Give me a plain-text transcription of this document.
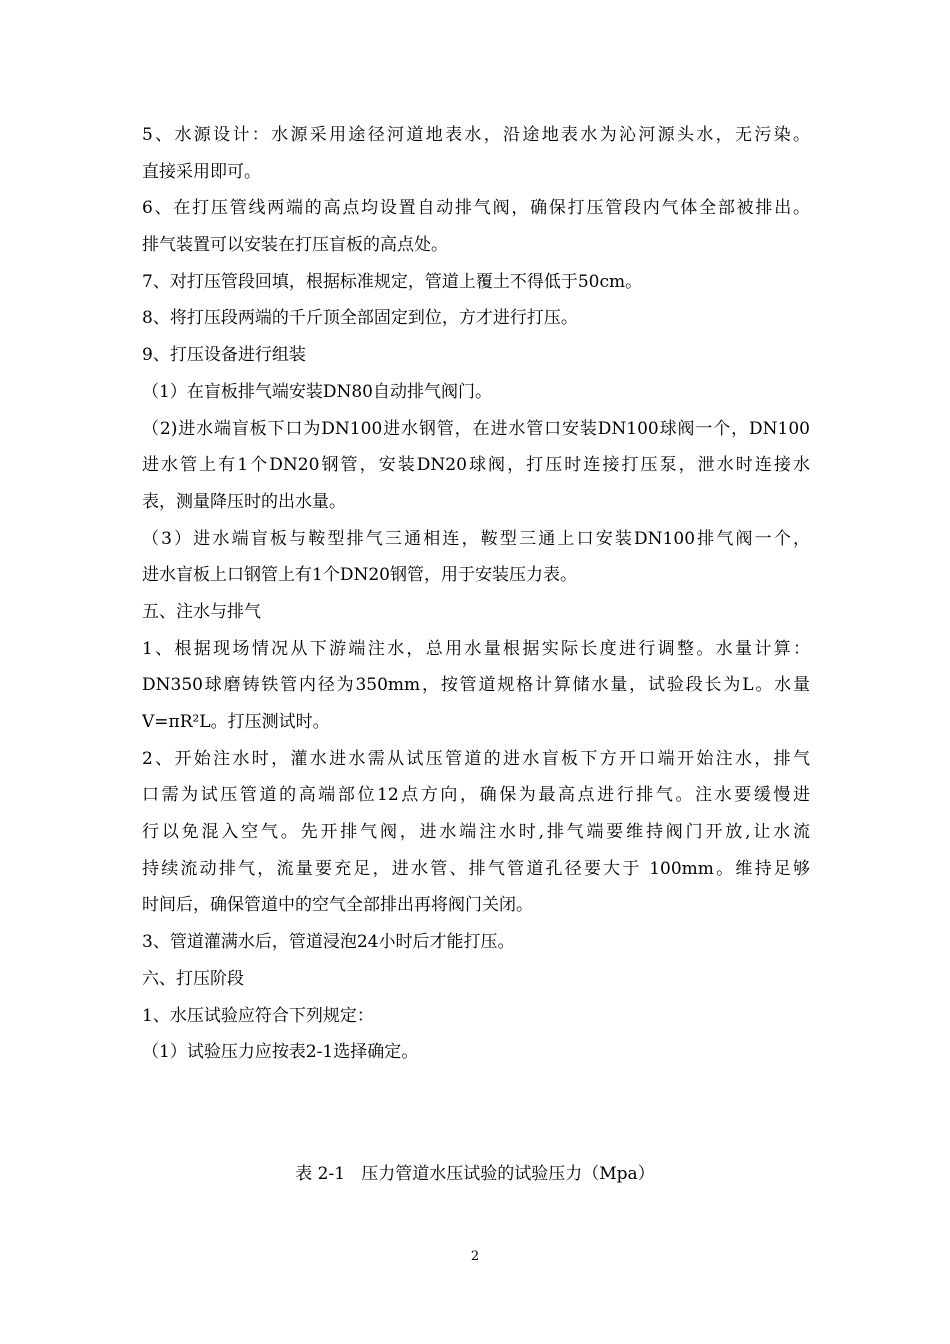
5、水源设计：水源采用途径河道地表水，沿途地表水为沁河源头水，无污染。
直接采用即可。
6、在打压管线两端的高点均设置自动排气阀，确保打压管段内气体全部被排出。
排气装置可以安装在打压盲板的高点处。
7、对打压管段回填，根据标准规定，管道上覆土不得低于50cm。
8、将打压段两端的千斤顶全部固定到位，方才进行打压。
9、打压设备进行组装
（1）在盲板排气端安装DN80自动排气阀门。
（2)进水端盲板下口为DN100进水钢管，在进水管口安装DN100球阀一个，DN100
进水管上有1个DN20钢管，安装DN20球阀，打压时连接打压泵，泄水时连接水
表，测量降压时的出水量。
（3）进水端盲板与鞍型排气三通相连，鞍型三通上口安装DN100排气阀一个，
进水盲板上口钢管上有1个DN20钢管，用于安装压力表。
五、注水与排气
1、根据现场情况从下游端注水，总用水量根据实际长度进行调整。水量计算：
DN350球磨铸铁管内径为350mm，按管道规格计算储水量，试验段长为L。水量
V=πR²L。打压测试时。
2、开始注水时，灌水进水需从试压管道的进水盲板下方开口端开始注水，排气
口需为试压管道的高端部位12点方向，确保为最高点进行排气。注水要缓慢进
行以免混入空气。先开排气阀，进水端注水时,排气端要维持阀门开放,让水流
持续流动排气，流量要充足，进水管、排气管道孔径要大于 100mm。维持足够
时间后，确保管道中的空气全部排出再将阀门关闭。
3、管道灌满水后，管道浸泡24小时后才能打压。
六、打压阶段
1、水压试验应符合下列规定：
（1）试验压力应按表2-1选择确定。
表 2-1   压力管道水压试验的试验压力（Mpa）
2
